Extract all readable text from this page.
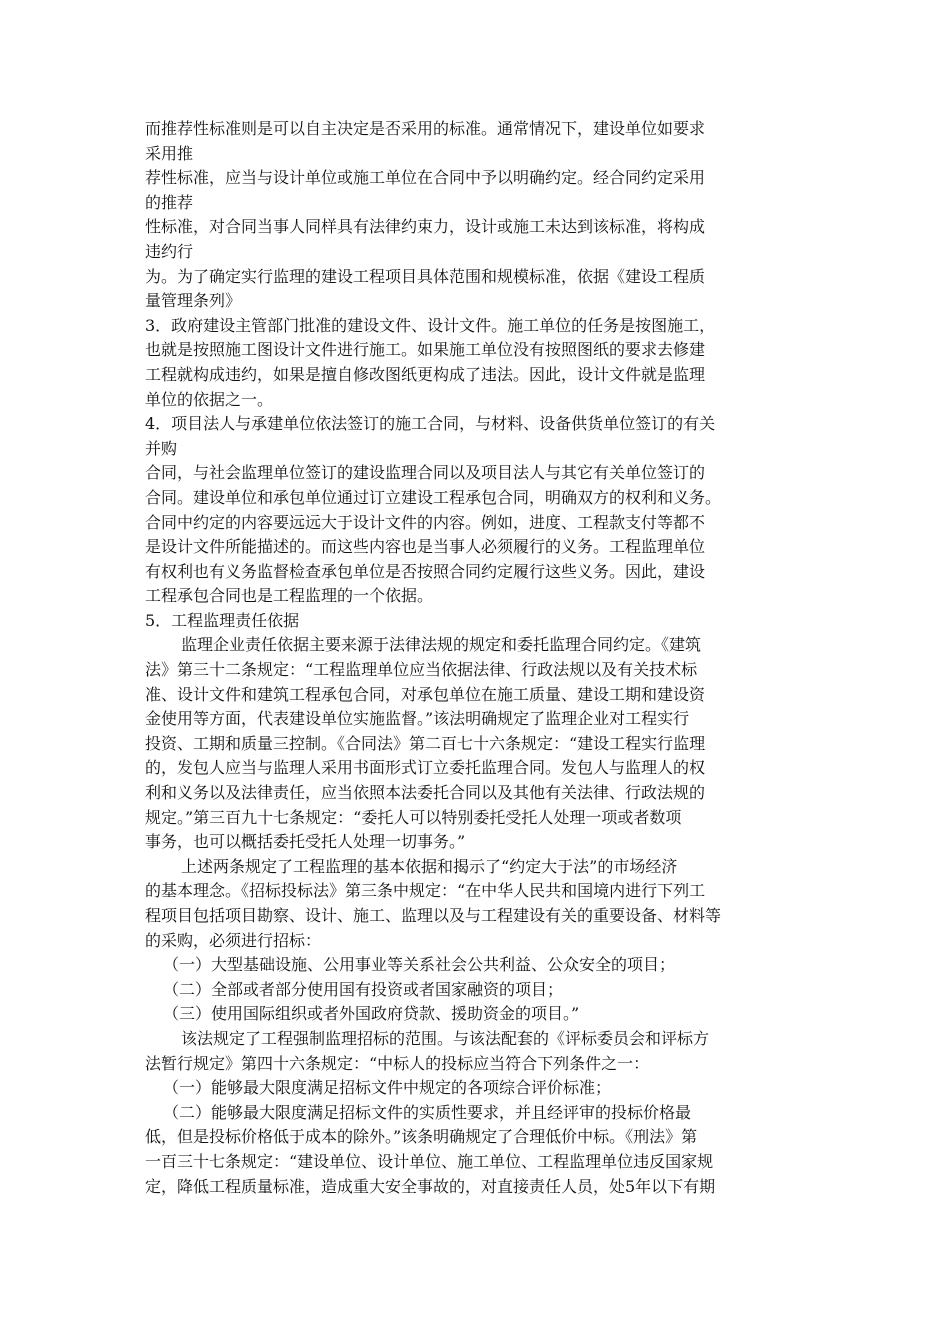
而推荐性标准则是可以自主决定是否采用的标准。通常情况下，建设单位如要求
采用推
荐性标准，应当与设计单位或施工单位在合同中予以明确约定。经合同约定采用
的推荐
性标准，对合同当事人同样具有法律约束力，设计或施工未达到该标准，将构成
违约行
为。为了确定实行监理的建设工程项目具体范围和规模标准，依据《建设工程质
量管理条列》
3．政府建设主管部门批准的建设文件、设计文件。施工单位的任务是按图施工，
也就是按照施工图设计文件进行施工。如果施工单位没有按照图纸的要求去修建
工程就构成违约，如果是擅自修改图纸更构成了违法。因此，设计文件就是监理
单位的依据之一。
4．项目法人与承建单位依法签订的施工合同，与材料、设备供货单位签订的有关
并购
合同，与社会监理单位签订的建设监理合同以及项目法人与其它有关单位签订的
合同。建设单位和承包单位通过订立建设工程承包合同，明确双方的权利和义务。
合同中约定的内容要远远大于设计文件的内容。例如，进度、工程款支付等都不
是设计文件所能描述的。而这些内容也是当事人必须履行的义务。工程监理单位
有权利也有义务监督检查承包单位是否按照合同约定履行这些义务。因此，建设
工程承包合同也是工程监理的一个依据。
5．工程监理责任依据
监理企业责任依据主要来源于法律法规的规定和委托监理合同约定。《建筑
法》第三十二条规定：“工程监理单位应当依据法律、行政法规以及有关技术标
准、设计文件和建筑工程承包合同，对承包单位在施工质量、建设工期和建设资
金使用等方面，代表建设单位实施监督。”该法明确规定了监理企业对工程实行
投资、工期和质量三控制。《合同法》第二百七十六条规定：“建设工程实行监理
的，发包人应当与监理人采用书面形式订立委托监理合同。发包人与监理人的权
利和义务以及法律责任，应当依照本法委托合同以及其他有关法律、行政法规的
规定。”第三百九十七条规定：“委托人可以特别委托受托人处理一项或者数项
事务，也可以概括委托受托人处理一切事务。”
上述两条规定了工程监理的基本依据和揭示了“约定大于法”的市场经济
的基本理念。《招标投标法》第三条中规定：“在中华人民共和国境内进行下列工
程项目包括项目勘察、设计、施工、监理以及与工程建设有关的重要设备、材料等
的采购，必须进行招标：
（一）大型基础设施、公用事业等关系社会公共利益、公众安全的项目；
（二）全部或者部分使用国有投资或者国家融资的项目；
（三）使用国际组织或者外国政府贷款、援助资金的项目。”
该法规定了工程强制监理招标的范围。与该法配套的《评标委员会和评标方
法暂行规定》第四十六条规定：“中标人的投标应当符合下列条件之一：
（一）能够最大限度满足招标文件中规定的各项综合评价标准；
（二）能够最大限度满足招标文件的实质性要求，并且经评审的投标价格最
低，但是投标价格低于成本的除外。”该条明确规定了合理低价中标。《刑法》第
一百三十七条规定：“建设单位、设计单位、施工单位、工程监理单位违反国家规
定，降低工程质量标准，造成重大安全事故的，对直接责任人员，处5年以下有期
